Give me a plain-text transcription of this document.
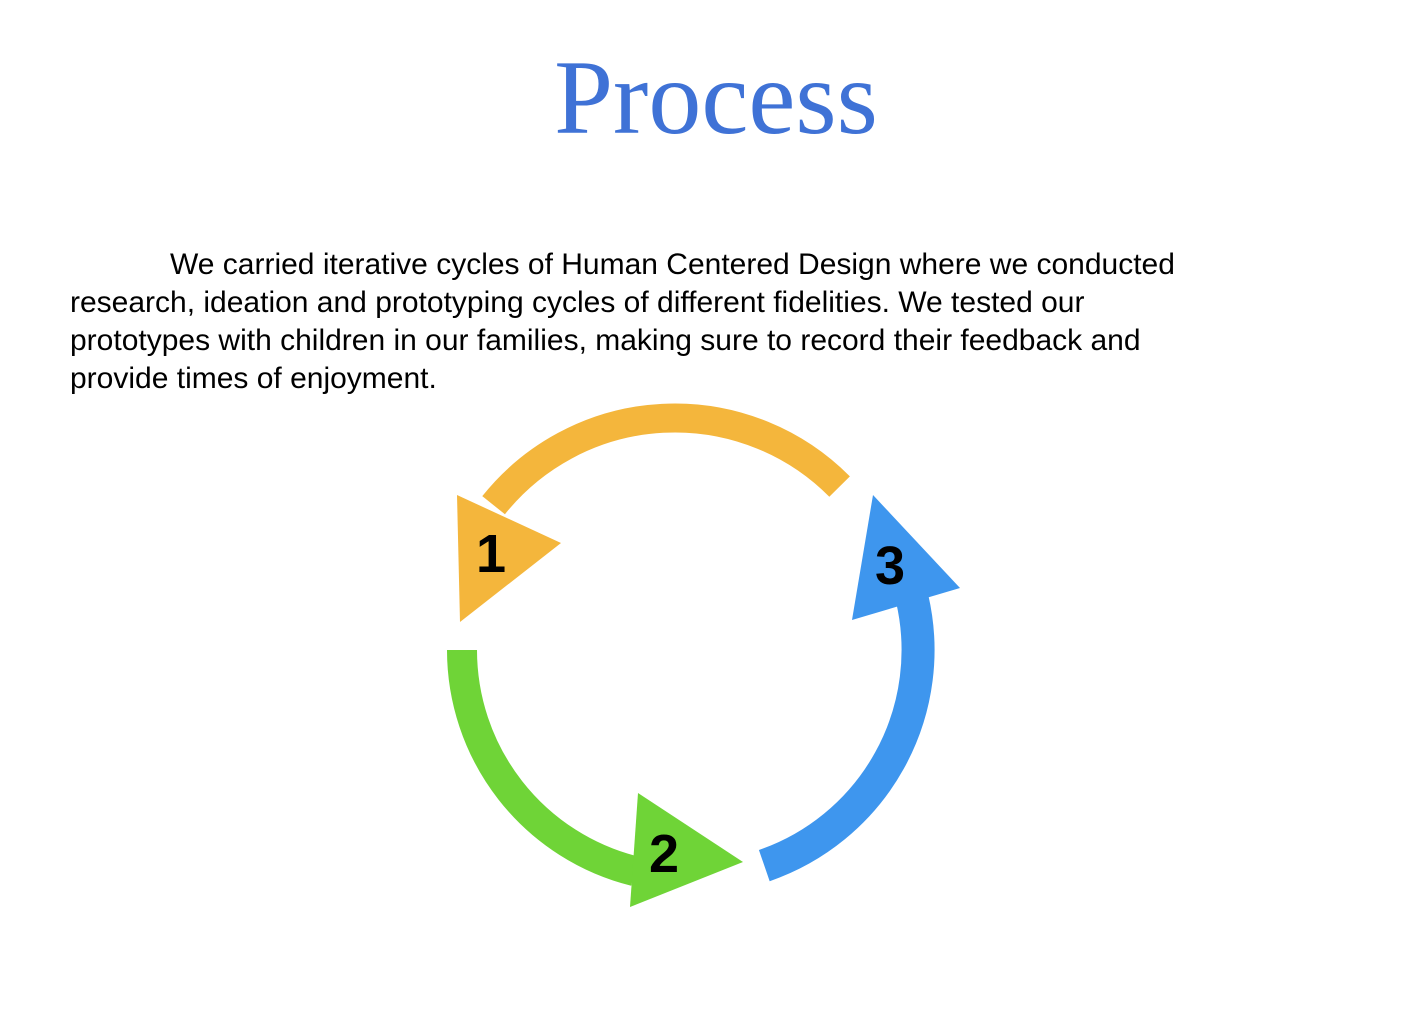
Process
We carried iterative cycles of Human Centered Design where we conducted
research, ideation and prototyping cycles of different fidelities. We tested our
prototypes with children in our families, making sure to record their feedback and
provide times of enjoyment.
1
2
3
